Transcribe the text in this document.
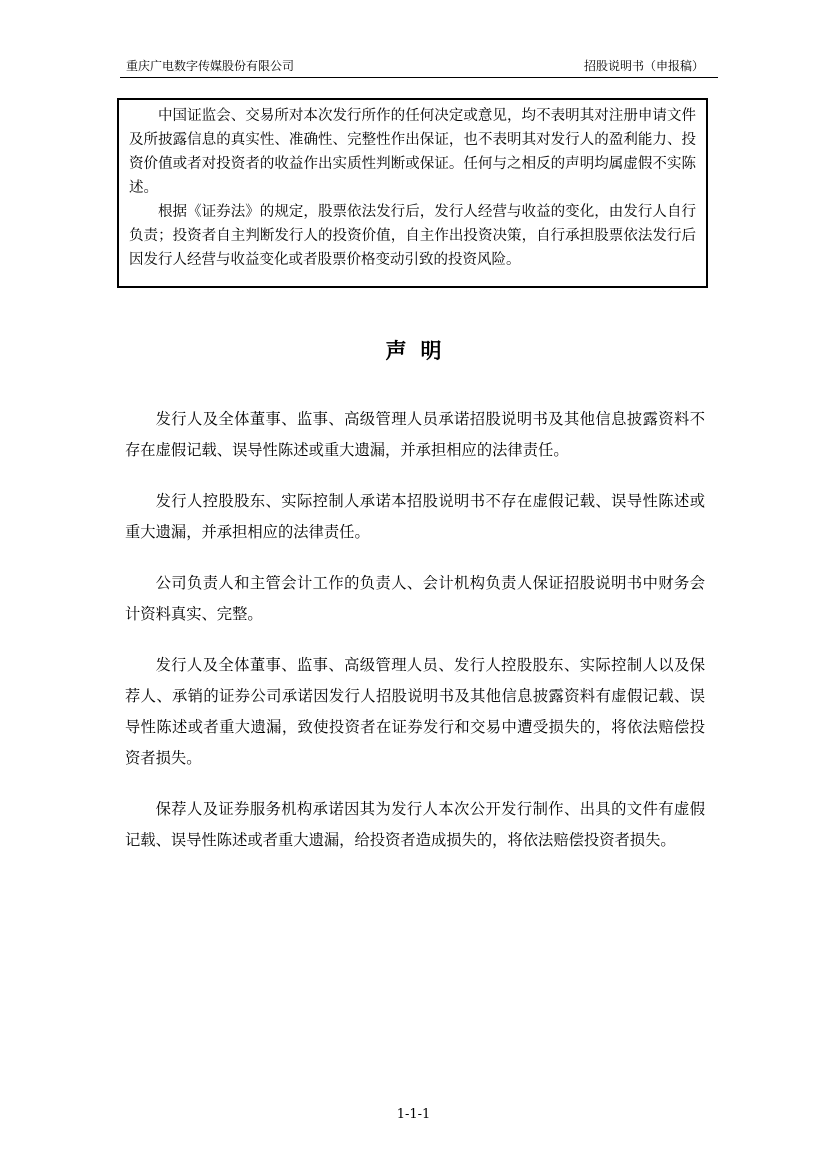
重庆广电数字传媒股份有限公司	招股说明书（申报稿）

中国证监会、交易所对本次发行所作的任何决定或意见，均不表明其对注册申请文件及所披露信息的真实性、准确性、完整性作出保证，也不表明其对发行人的盈利能力、投资价值或者对投资者的收益作出实质性判断或保证。任何与之相反的声明均属虚假不实陈述。

根据《证券法》的规定，股票依法发行后，发行人经营与收益的变化，由发行人自行负责；投资者自主判断发行人的投资价值，自主作出投资决策，自行承担股票依法发行后因发行人经营与收益变化或者股票价格变动引致的投资风险。

声明

发行人及全体董事、监事、高级管理人员承诺招股说明书及其他信息披露资料不存在虚假记载、误导性陈述或重大遗漏，并承担相应的法律责任。

发行人控股股东、实际控制人承诺本招股说明书不存在虚假记载、误导性陈述或重大遗漏，并承担相应的法律责任。

公司负责人和主管会计工作的负责人、会计机构负责人保证招股说明书中财务会计资料真实、完整。

发行人及全体董事、监事、高级管理人员、发行人控股股东、实际控制人以及保荐人、承销的证券公司承诺因发行人招股说明书及其他信息披露资料有虚假记载、误导性陈述或者重大遗漏，致使投资者在证券发行和交易中遭受损失的，将依法赔偿投资者损失。

保荐人及证券服务机构承诺因其为发行人本次公开发行制作、出具的文件有虚假记载、误导性陈述或者重大遗漏，给投资者造成损失的，将依法赔偿投资者损失。

1-1-1
